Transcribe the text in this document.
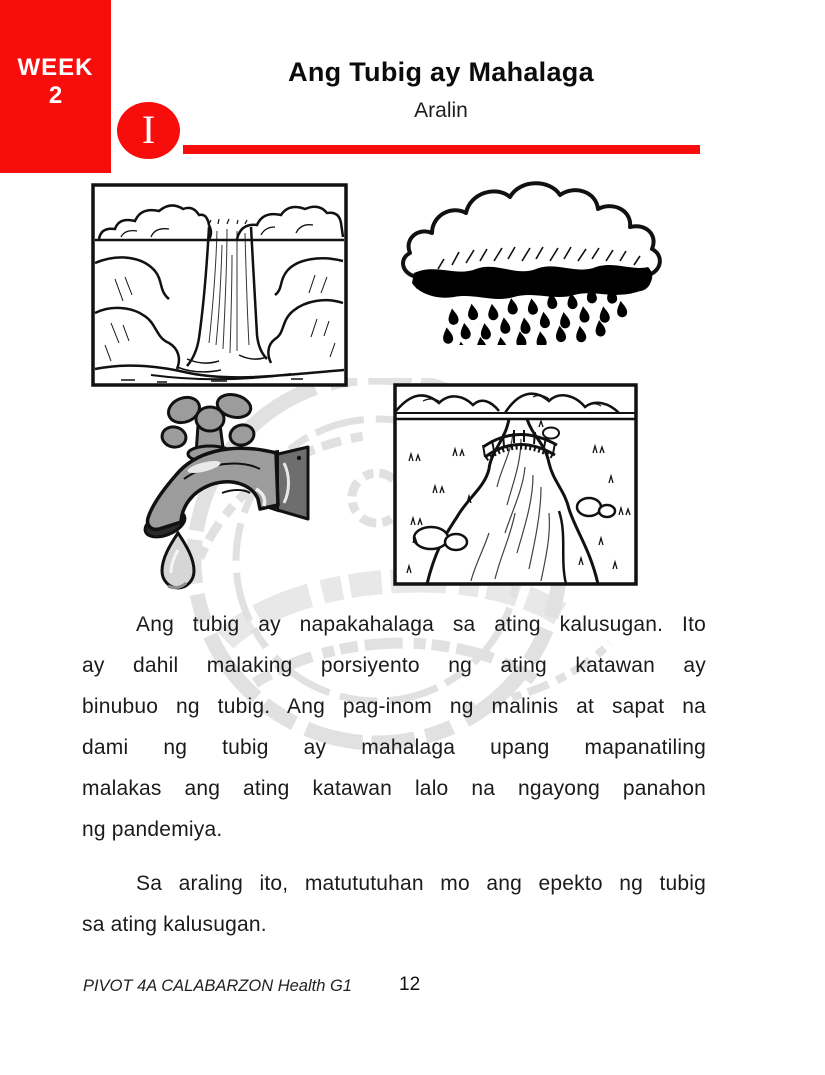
WEEK
2
Ang Tubig ay Mahalaga
Aralin
I
Ang tubig ay napakahalaga sa ating kalusugan. Ito
ay dahil malaking porsiyento ng ating katawan ay
binubuo ng tubig. Ang pag-inom ng malinis at sapat na
dami ng tubig ay mahalaga upang mapanatiling
malakas ang ating katawan lalo na ngayong panahon
ng pandemiya.
Sa araling ito, matututuhan mo ang epekto ng tubig
sa ating kalusugan.
PIVOT 4A CALABARZON Health G1 12
